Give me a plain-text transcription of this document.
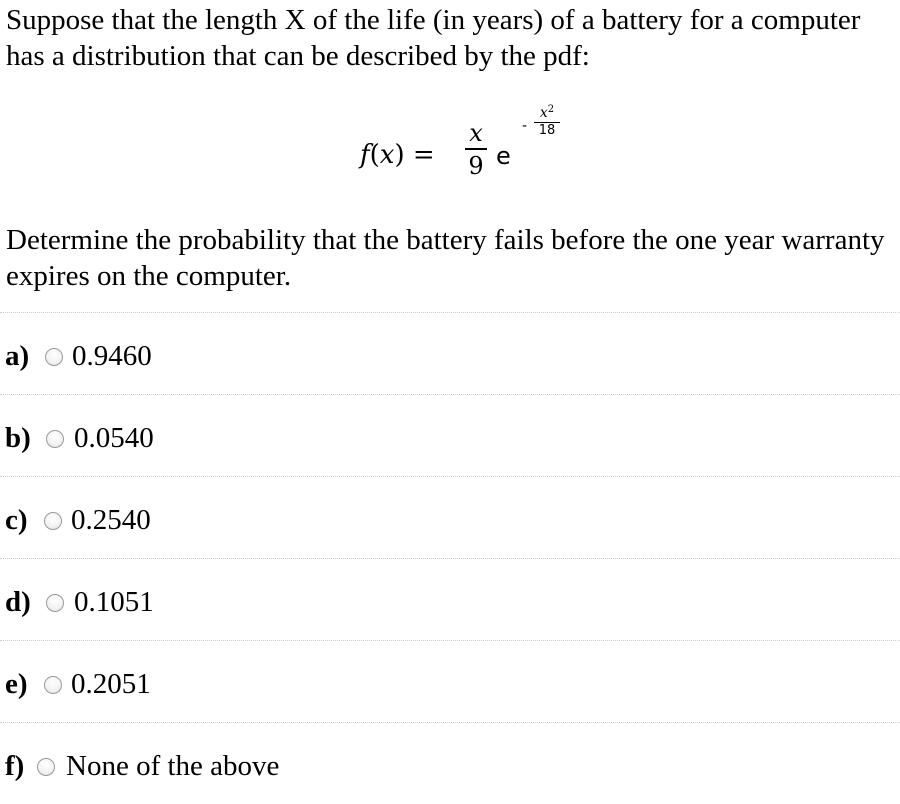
Suppose that the length X of the life (in years) of a battery for a computer has a distribution that can be described by the pdf:

f(x) =
x
9 e
-
$x^2$
18

Determine the probability that the battery fails before the one year warranty expires on the computer.

a) 0.9460
b) 0.0540
c) 0.2540
d) 0.1051
e) 0.2051
f) None of the above
